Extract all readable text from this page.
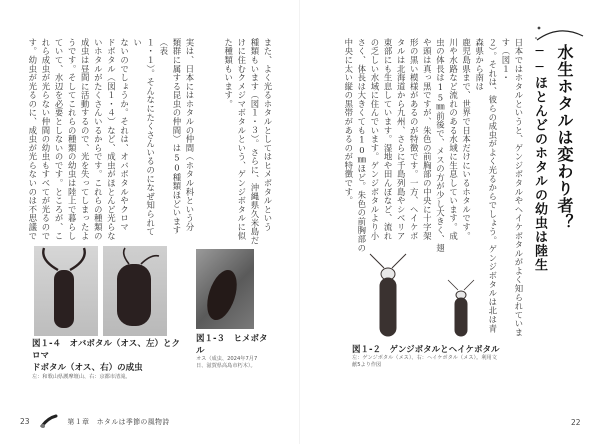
水生ホタルは変わり者？
──ほとんどのホタルの幼虫は陸生
日本ではホタルというと、ゲンジボタルやヘイケボタルがよく知られています（図１・
２）。それは、彼らの成虫がよく光るからでしょう。ゲンジボタルは北は青森県から南は
鹿児島県まで、世界で日本だけにいるホタルです。
川や水路など流れのある水域に生息しています。成
虫の体長は15㎜前後で、メスの方が少し大きく、翅
や頭は真っ黒ですが、朱色の前胸部の中央に十字架
形の黒い模様があるのが特徴です。一方、ヘイケボ
タルは北海道から九州、さらに千島列島やシベリア
東部にも生息しています。湿地や田んぼなど、流れ
の乏しい水域に住んでいます。ゲンジボタルより小
さく、体長は大きくても10㎜ほど。朱色の前胸部の
中央に太い縦の黒帯があるのが特徴です。
図１-２　ゲンジボタルとヘイケボタル
左：ゲンジボタル（メス）、右：ヘイケボタル（メス）。利用文献5より作図
22
また、よく光るホタルとしてはヒメボタルという
種類もいます（図１・３）。さらに、沖縄県久米島だ
けに住むクメジマボタルという、ゲンジボタルに似
た種類もいます。
実は、日本にはホタルの仲間（ホタル科という分
類群に属する昆虫の仲間）は50種類ほどいます（表
１・１）。そんなにたくさんいるのになぜ知られてい
ないのでしょうか。それは、オバボタルやクロマ
ドボタル（図１・４）など、成虫がほとんど光らな
いホタルがたくさんいるからです。これらの種類の
成虫は昼間に活動するので、光を失ってしまったよ
うです。そしてこれらの種類の幼虫は陸上で暮らし
ていて、水辺を必要としないのです。ところが、こ
れら成虫が光らない仲間の幼虫もすべてが光るので
す。幼虫が光るのに、成虫が光らないのは不思議で
図１-４　オバボタル（オス、左）とクロマ
ドボタル（オス、右）の成虫
左：和歌山県護摩壇山、右：京都市清滝。
図１-３　ヒメボタル
オス（成虫、2024年7月7
日、滋賀県高島市朽木）。
23	第１章　ホタルは季節の風物詩
